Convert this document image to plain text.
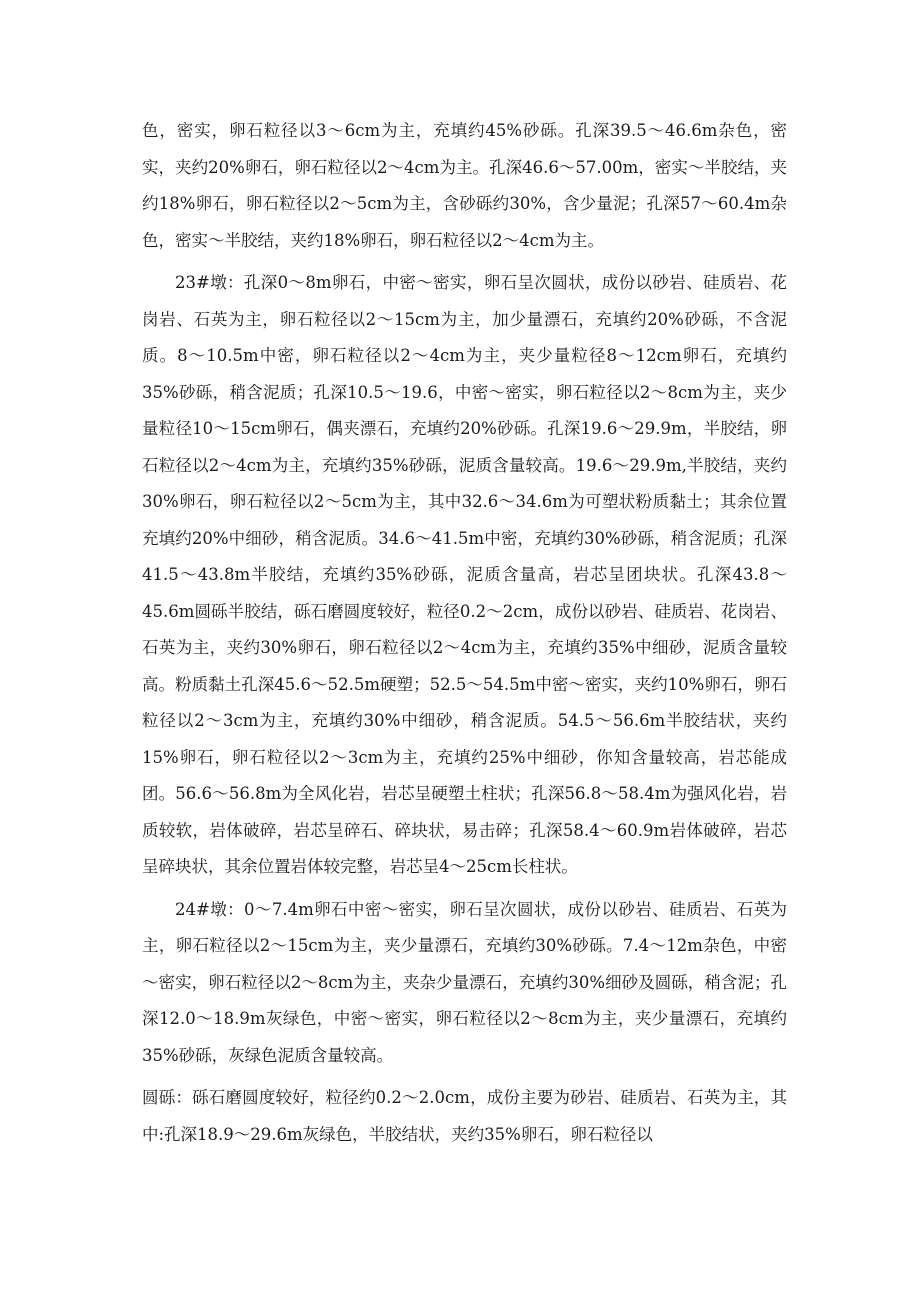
色，密实，卵石粒径以3～6cm为主，充填约45%砂砾。孔深39.5～46.6m杂色，密实，夹约20%卵石，卵石粒径以2～4cm为主。孔深46.6～57.00m，密实～半胶结，夹约18%卵石，卵石粒径以2～5cm为主，含砂砾约30%，含少量泥；孔深57～60.4m杂色，密实～半胶结，夹约18%卵石，卵石粒径以2～4cm为主。

23#墩：孔深0～8m卵石，中密～密实，卵石呈次圆状，成份以砂岩、硅质岩、花岗岩、石英为主，卵石粒径以2～15cm为主，加少量漂石，充填约20%砂砾，不含泥质。8～10.5m中密，卵石粒径以2～4cm为主，夹少量粒径8～12cm卵石，充填约35%砂砾，稍含泥质；孔深10.5～19.6，中密～密实，卵石粒径以2～8cm为主，夹少量粒径10～15cm卵石，偶夹漂石，充填约20%砂砾。孔深19.6～29.9m，半胶结，卵石粒径以2～4cm为主，充填约35%砂砾，泥质含量较高。19.6～29.9m,半胶结，夹约30%卵石，卵石粒径以2～5cm为主，其中32.6～34.6m为可塑状粉质黏土；其余位置充填约20%中细砂，稍含泥质。34.6～41.5m中密，充填约30%砂砾，稍含泥质；孔深41.5～43.8m半胶结，充填约35%砂砾，泥质含量高，岩芯呈团块状。孔深43.8～45.6m圆砾半胶结，砾石磨圆度较好，粒径0.2～2cm，成份以砂岩、硅质岩、花岗岩、石英为主，夹约30%卵石，卵石粒径以2～4cm为主，充填约35%中细砂，泥质含量较高。粉质黏土孔深45.6～52.5m硬塑；52.5～54.5m中密～密实，夹约10%卵石，卵石粒径以2～3cm为主，充填约30%中细砂，稍含泥质。54.5～56.6m半胶结状，夹约15%卵石，卵石粒径以2～3cm为主，充填约25%中细砂，你知含量较高，岩芯能成团。56.6～56.8m为全风化岩，岩芯呈硬塑土柱状；孔深56.8～58.4m为强风化岩，岩质较软，岩体破碎，岩芯呈碎石、碎块状，易击碎；孔深58.4～60.9m岩体破碎，岩芯呈碎块状，其余位置岩体较完整，岩芯呈4～25cm长柱状。

24#墩：0～7.4m卵石中密～密实，卵石呈次圆状，成份以砂岩、硅质岩、石英为主，卵石粒径以2～15cm为主，夹少量漂石，充填约30%砂砾。7.4～12m杂色，中密～密实，卵石粒径以2～8cm为主，夹杂少量漂石，充填约30%细砂及圆砾，稍含泥；孔深12.0～18.9m灰绿色，中密～密实，卵石粒径以2～8cm为主，夹少量漂石，充填约35%砂砾，灰绿色泥质含量较高。

圆砾：砾石磨圆度较好，粒径约0.2～2.0cm，成份主要为砂岩、硅质岩、石英为主，其中:孔深18.9～29.6m灰绿色，半胶结状，夹约35%卵石，卵石粒径以
